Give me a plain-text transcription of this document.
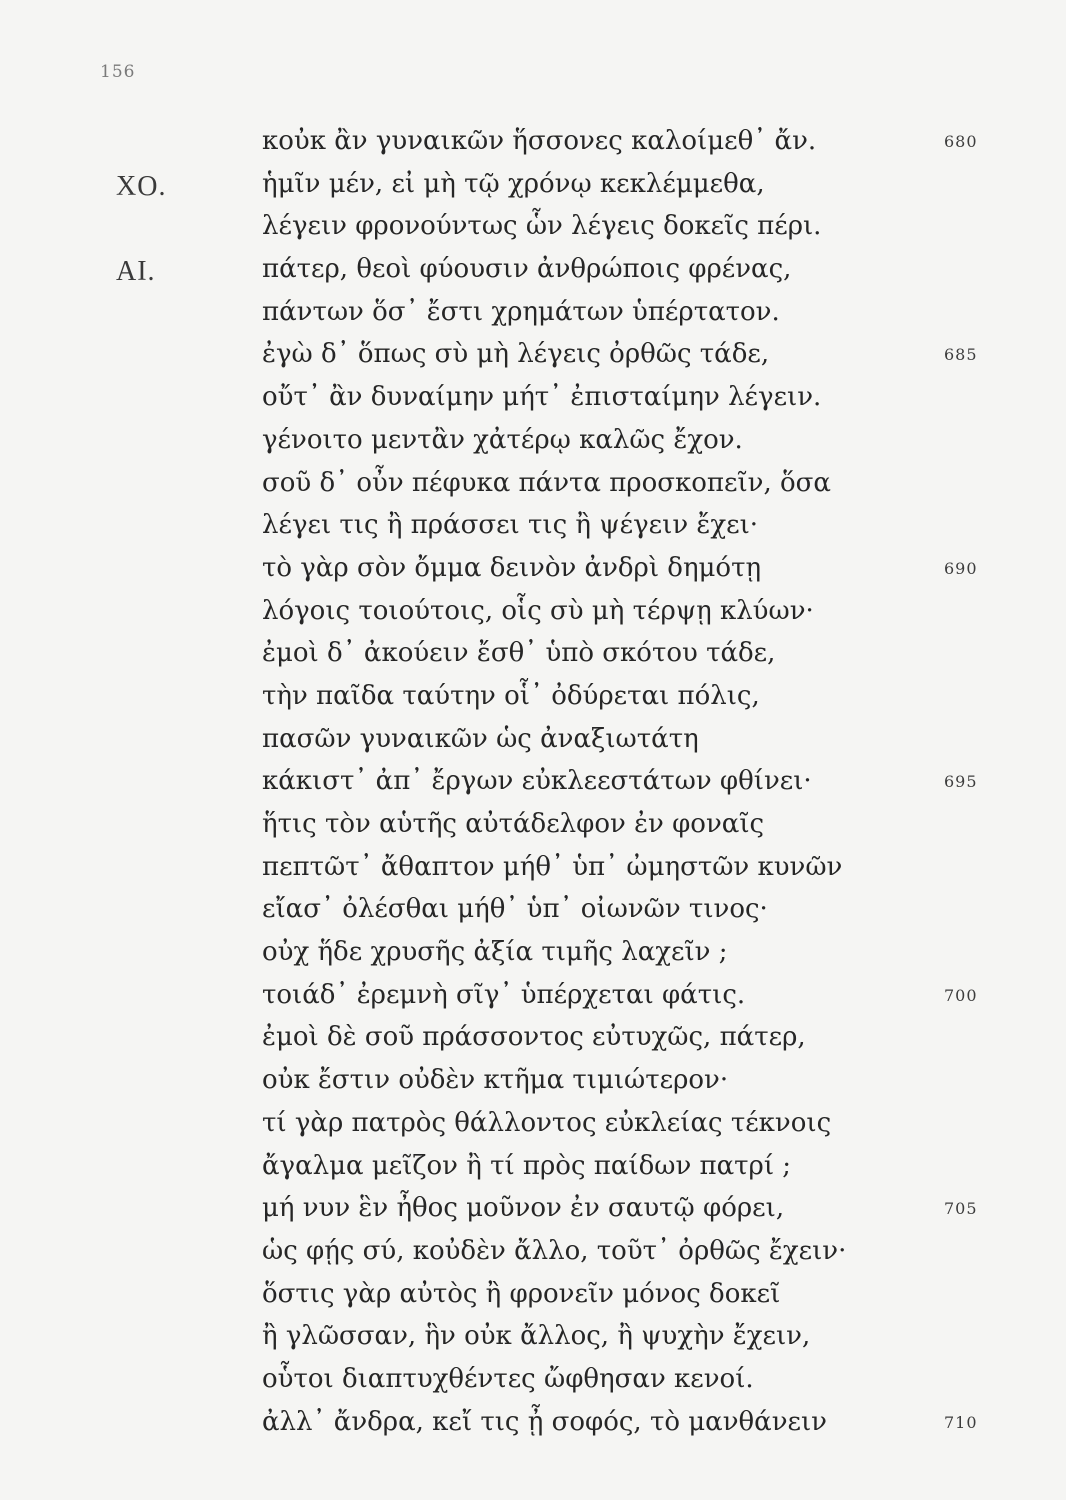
156
κοὐκ ἂν γυναικῶν ἥσσονες καλοίμεθ᾽ ἄν.	680
ΧΟ.	ἡμῖν μέν, εἰ μὴ τῷ χρόνῳ κεκλέμμεθα,
λέγειν φρονούντως ὧν λέγεις δοκεῖς πέρι.
ΑΙ.	πάτερ, θεοὶ φύουσιν ἀνθρώποις φρένας,
πάντων ὅσ᾽ ἔστι χρημάτων ὑπέρτατον.
ἐγὼ δ᾽ ὅπως σὺ μὴ λέγεις ὀρθῶς τάδε,	685
οὔτ᾽ ἂν δυναίμην μήτ᾽ ἐπισταίμην λέγειν.
γένοιτο μεντἂν χἀτέρῳ καλῶς ἔχον.
σοῦ δ᾽ οὖν πέφυκα πάντα προσκοπεῖν, ὅσα
λέγει τις ἢ πράσσει τις ἢ ψέγειν ἔχει·
τὸ γὰρ σὸν ὄμμα δεινὸν ἀνδρὶ δημότῃ	690
λόγοις τοιούτοις, οἷς σὺ μὴ τέρψῃ κλύων·
ἐμοὶ δ᾽ ἀκούειν ἔσθ᾽ ὑπὸ σκότου τάδε,
τὴν παῖδα ταύτην οἷ᾽ ὀδύρεται πόλις,
πασῶν γυναικῶν ὡς ἀναξιωτάτη
κάκιστ᾽ ἀπ᾽ ἔργων εὐκλεεστάτων φθίνει·	695
ἥτις τὸν αὑτῆς αὐτάδελφον ἐν φοναῖς
πεπτῶτ᾽ ἄθαπτον μήθ᾽ ὑπ᾽ ὠμηστῶν κυνῶν
εἴασ᾽ ὀλέσθαι μήθ᾽ ὑπ᾽ οἰωνῶν τινος·
οὐχ ἥδε χρυσῆς ἀξία τιμῆς λαχεῖν ;
τοιάδ᾽ ἐρεμνὴ σῖγ᾽ ὑπέρχεται φάτις.	700
ἐμοὶ δὲ σοῦ πράσσοντος εὐτυχῶς, πάτερ,
οὐκ ἔστιν οὐδὲν κτῆμα τιμιώτερον·
τί γὰρ πατρὸς θάλλοντος εὐκλείας τέκνοις
ἄγαλμα μεῖζον ἢ τί πρὸς παίδων πατρί ;
μή νυν ἓν ἦθος μοῦνον ἐν σαυτῷ φόρει,	705
ὡς φῄς σύ, κοὐδὲν ἄλλο, τοῦτ᾽ ὀρθῶς ἔχειν·
ὅστις γὰρ αὐτὸς ἢ φρονεῖν μόνος δοκεῖ
ἢ γλῶσσαν, ἣν οὐκ ἄλλος, ἢ ψυχὴν ἔχειν,
οὗτοι διαπτυχθέντες ὤφθησαν κενοί.
ἀλλ᾽ ἄνδρα, κεἴ τις ᾖ σοφός, τὸ μανθάνειν	710
